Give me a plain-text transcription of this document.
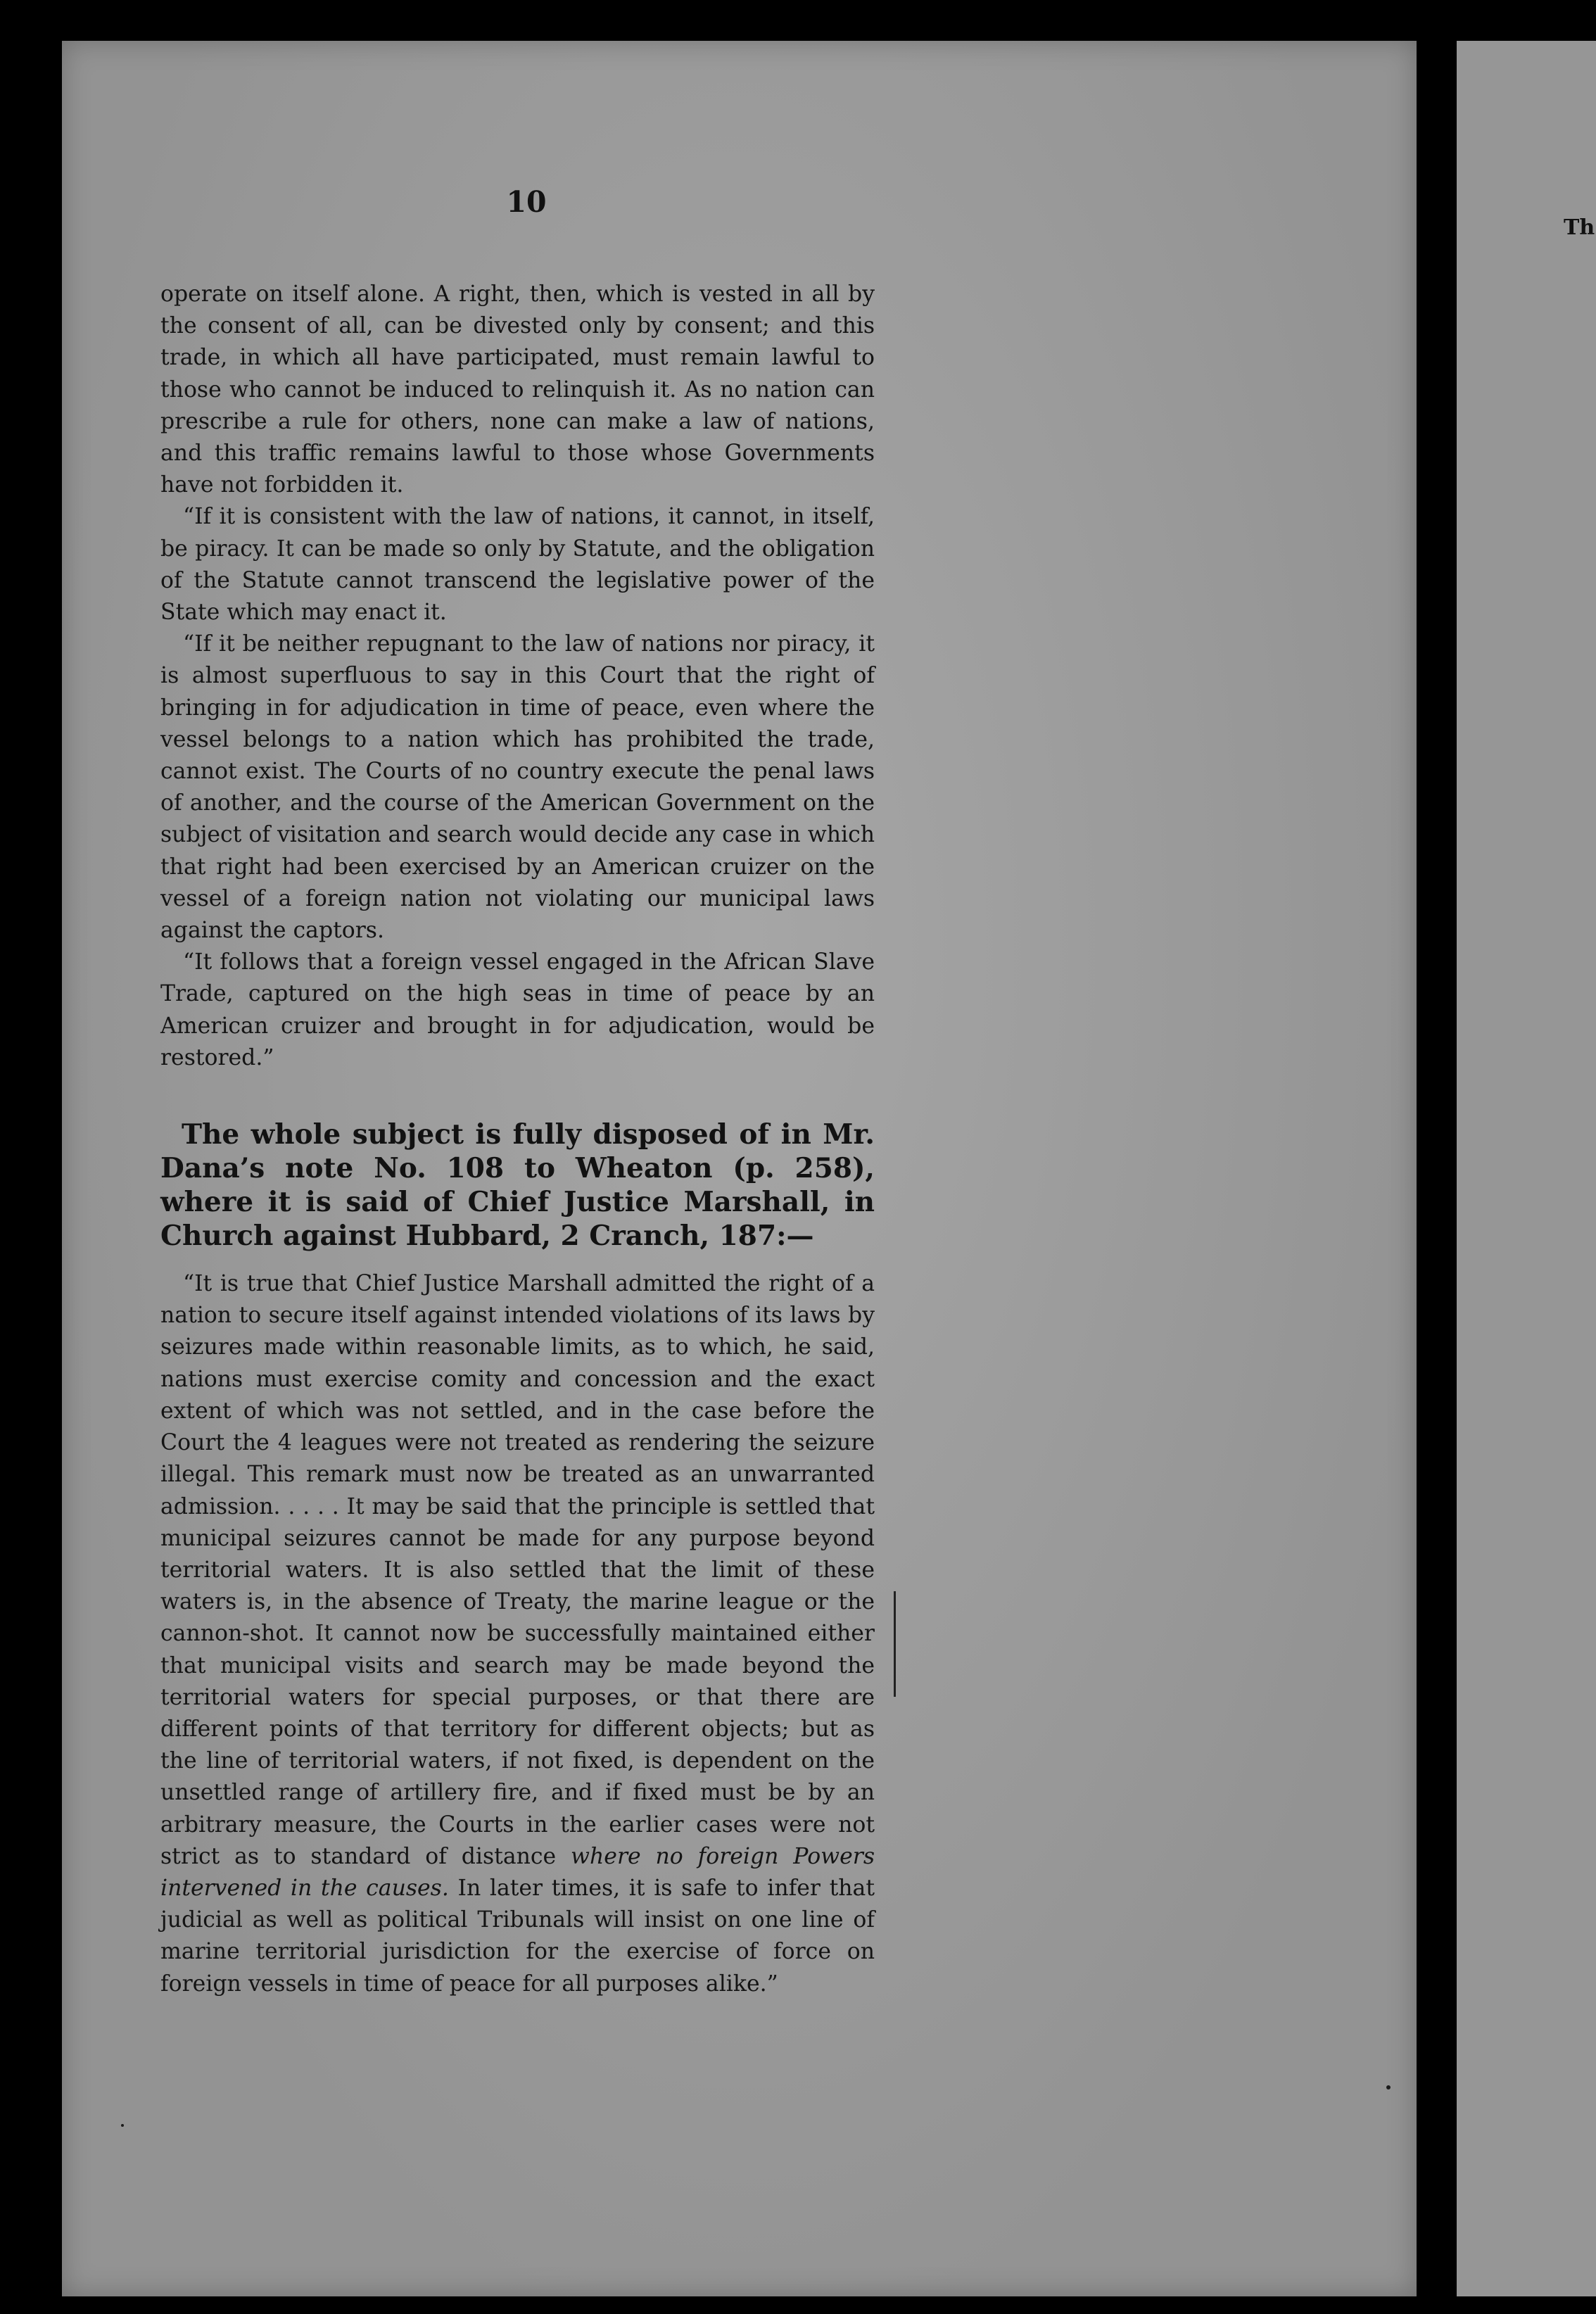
10

operate on itself alone. A right, then, which is vested in all by the consent of all, can be divested only by consent; and this trade, in which all have participated, must remain lawful to those who cannot be induced to relinquish it. As no nation can prescribe a rule for others, none can make a law of nations, and this traffic remains lawful to those whose Governments have not forbidden it.

“If it is consistent with the law of nations, it cannot, in itself, be piracy. It can be made so only by Statute, and the obligation of the Statute cannot transcend the legislative power of the State which may enact it.

“If it be neither repugnant to the law of nations nor piracy, it is almost superfluous to say in this Court that the right of bringing in for adjudication in time of peace, even where the vessel belongs to a nation which has prohibited the trade, cannot exist. The Courts of no country execute the penal laws of another, and the course of the American Government on the subject of visitation and search would decide any case in which that right had been exercised by an American cruizer on the vessel of a foreign nation not violating our municipal laws against the captors.

“It follows that a foreign vessel engaged in the African Slave Trade, captured on the high seas in time of peace by an American cruizer and brought in for adjudication, would be restored.”

The whole subject is fully disposed of in Mr. Dana’s note No. 108 to Wheaton (p. 258), where it is said of Chief Justice Marshall, in Church against Hubbard, 2 Cranch, 187:—

“It is true that Chief Justice Marshall admitted the right of a nation to secure itself against intended violations of its laws by seizures made within reasonable limits, as to which, he said, nations must exercise comity and concession and the exact extent of which was not settled, and in the case before the Court the 4 leagues were not treated as rendering the seizure illegal. This remark must now be treated as an unwarranted admission. . . . . It may be said that the principle is settled that municipal seizures cannot be made for any purpose beyond territorial waters. It is also settled that the limit of these waters is, in the absence of Treaty, the marine league or the cannon-shot. It cannot now be successfully maintained either that municipal visits and search may be made beyond the territorial waters for special purposes, or that there are different points of that territory for different objects; but as the line of territorial waters, if not fixed, is dependent on the unsettled range of artillery fire, and if fixed must be by an arbitrary measure, the Courts in the earlier cases were not strict as to standard of distance where no foreign Powers intervened in the causes. In later times, it is safe to infer that judicial as well as political Tribunals will insist on one line of marine territorial jurisdiction for the exercise of force on foreign vessels in time of peace for all purposes alike.”

Th
